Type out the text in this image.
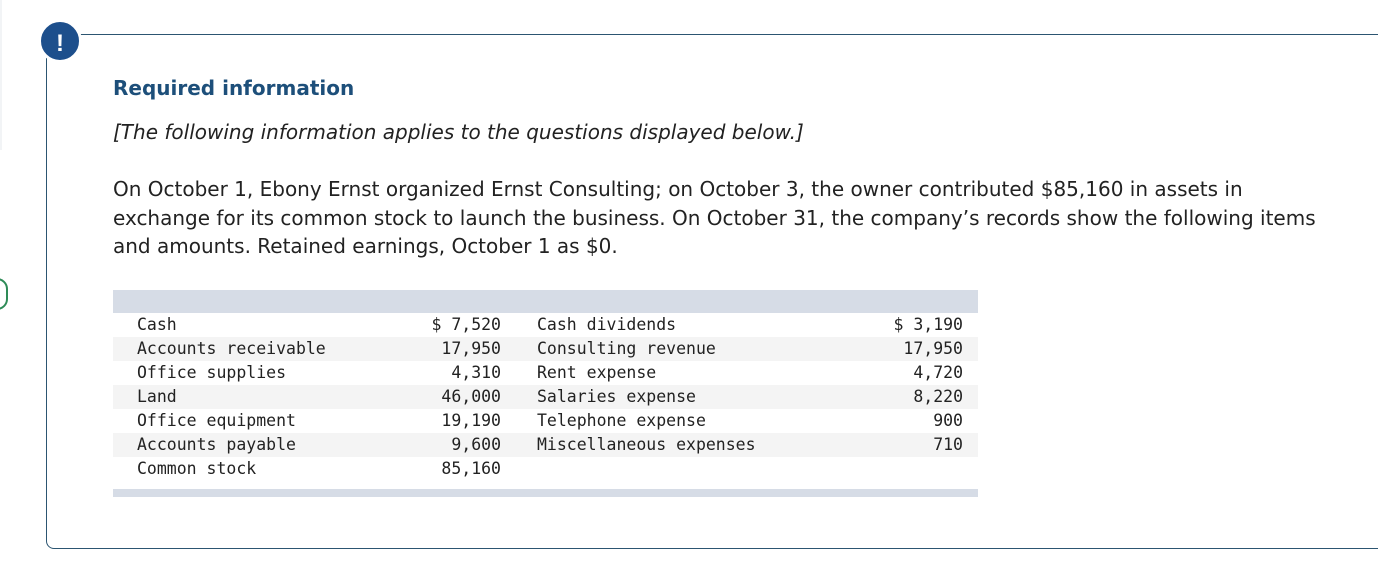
!
Required information

[The following information applies to the questions displayed below.]

On October 1, Ebony Ernst organized Ernst Consulting; on October 3, the owner contributed $85,160 in assets in exchange for its common stock to launch the business. On October 31, the company’s records show the following items and amounts. Retained earnings, October 1 as $0.

Cash	$ 7,520 Cash dividends	$ 3,190
Accounts receivable	17,950 Consulting revenue	17,950
Office supplies	4,310 Rent expense	4,720
Land	46,000 Salaries expense	8,220
Office equipment	19,190 Telephone expense	900
Accounts payable	9,600 Miscellaneous expenses	710
Common stock	85,160
